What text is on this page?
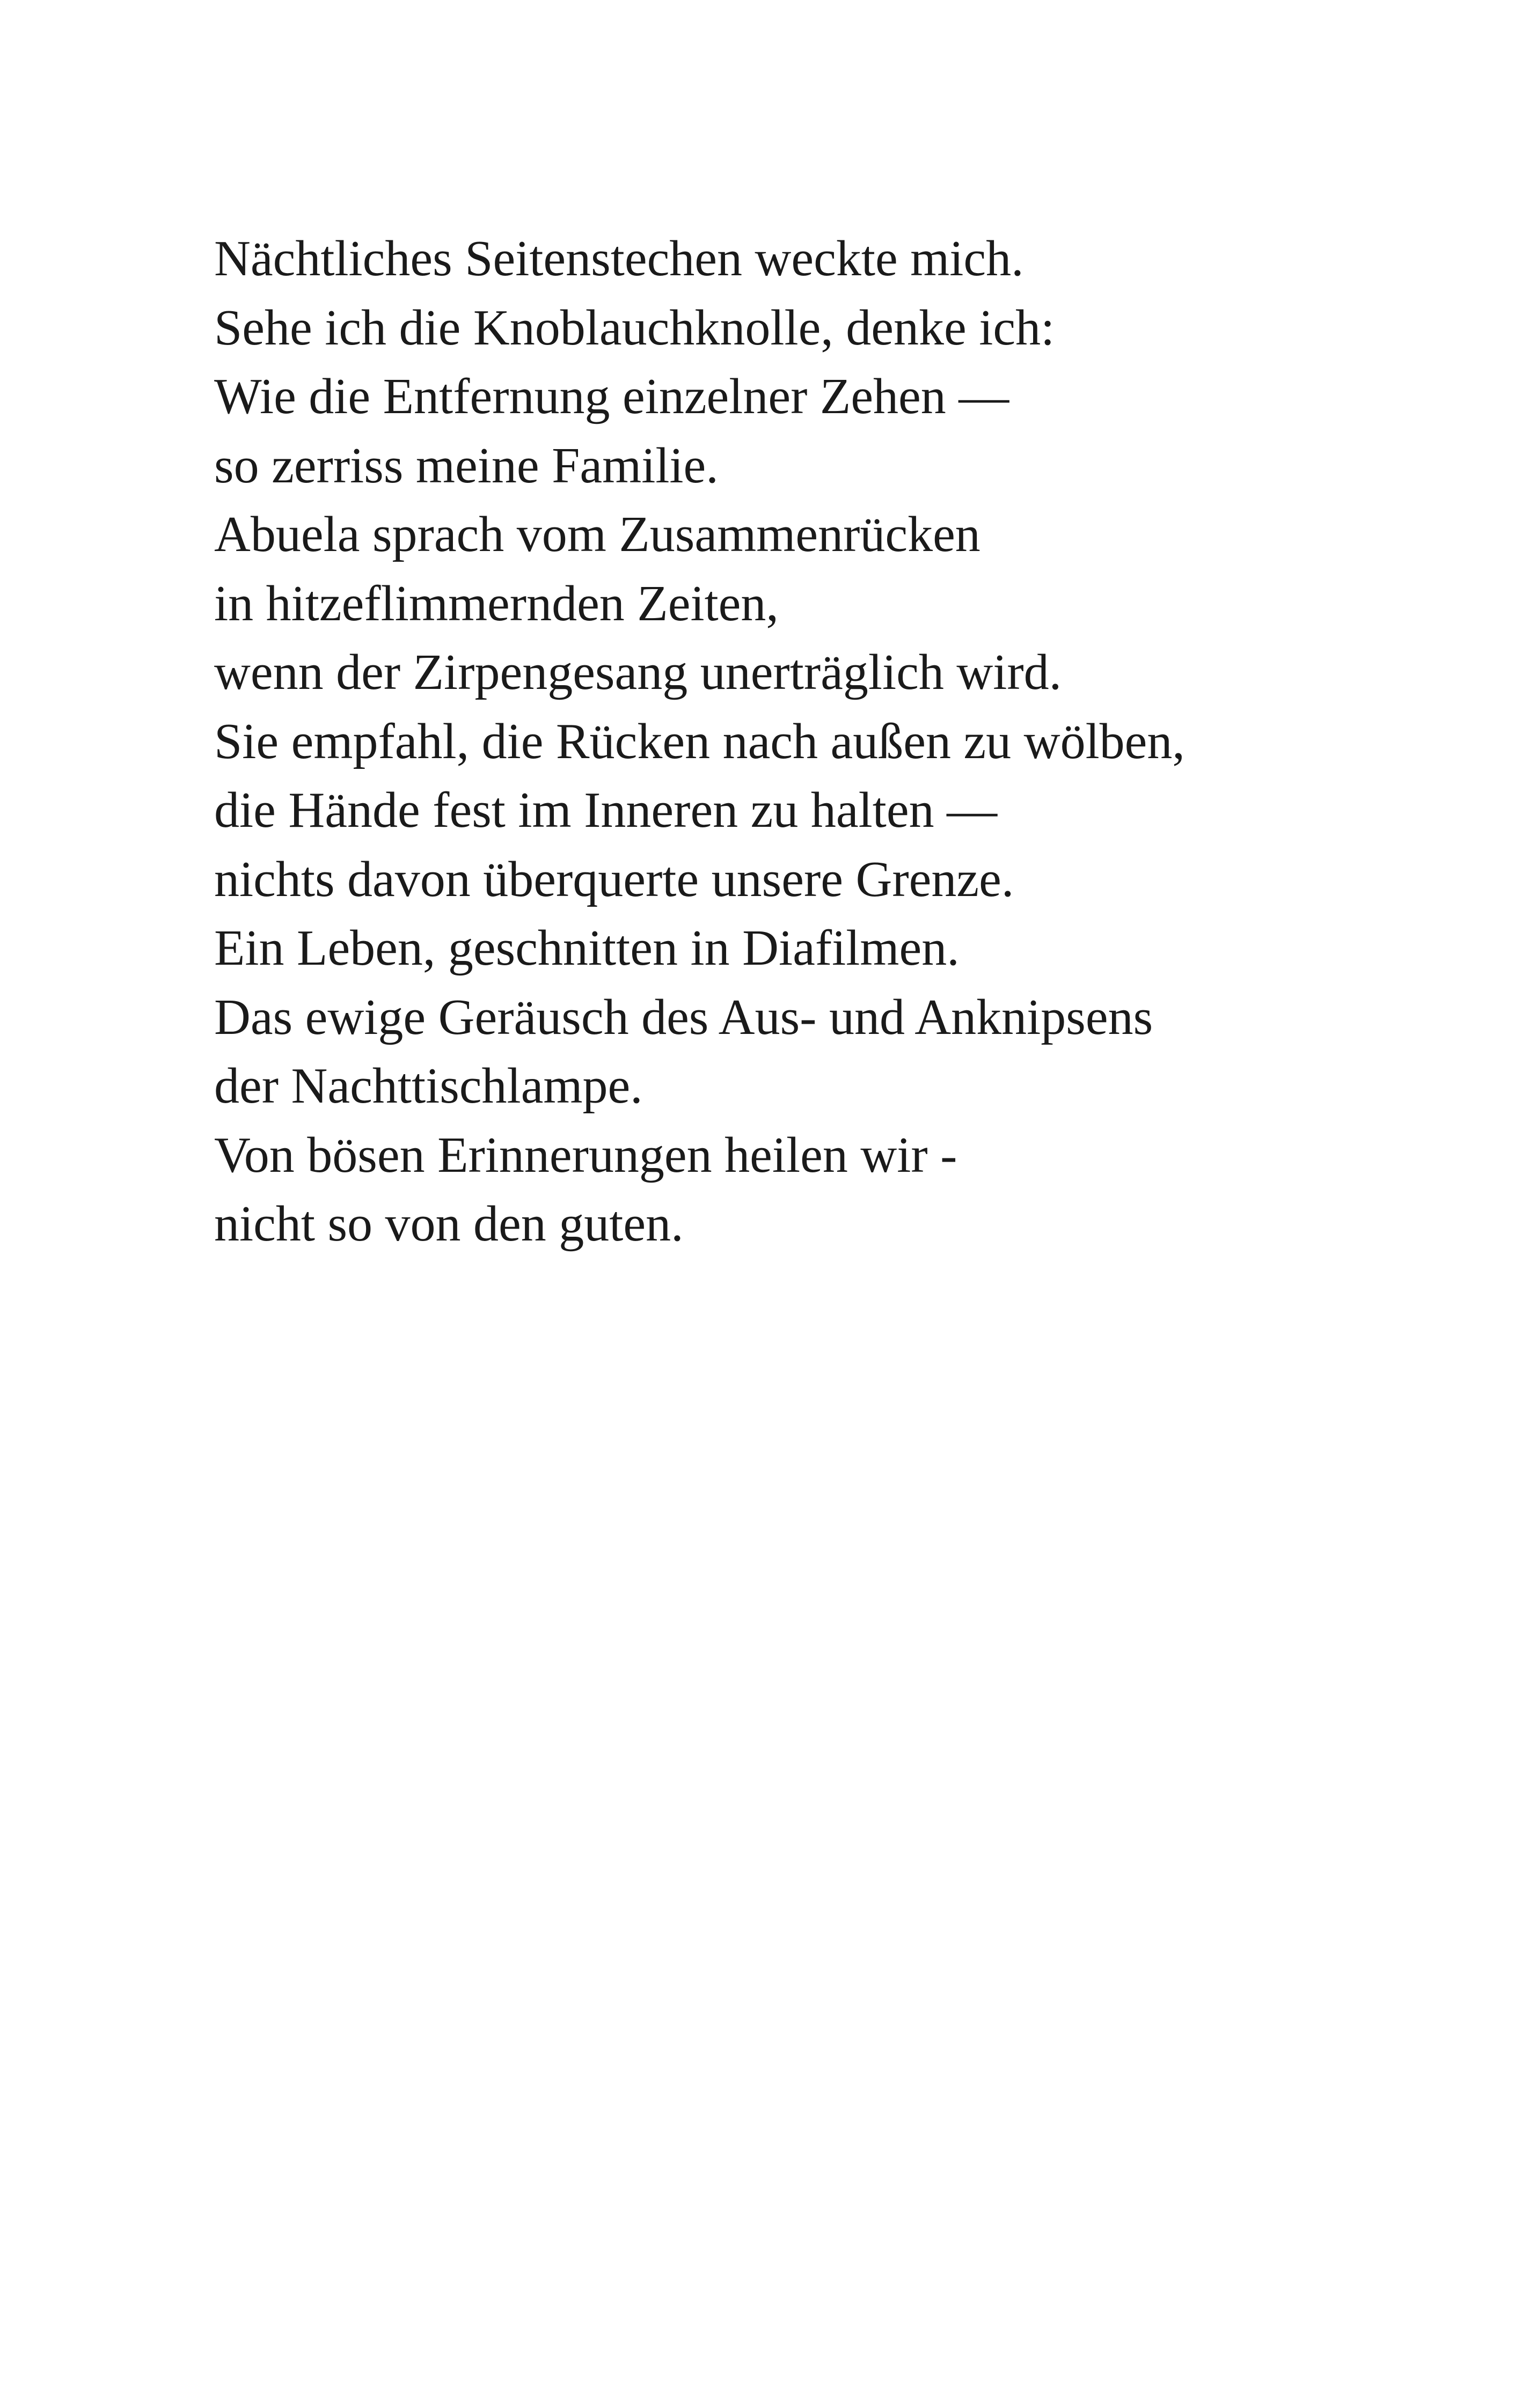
Nächtliches Seitenstechen weckte mich.
Sehe ich die Knoblauchknolle, denke ich:
Wie die Entfernung einzelner Zehen —
so zerriss meine Familie.
Abuela sprach vom Zusammenrücken
in hitzeflimmernden Zeiten,
wenn der Zirpengesang unerträglich wird.
Sie empfahl, die Rücken nach außen zu wölben,
die Hände fest im Inneren zu halten —
nichts davon überquerte unsere Grenze.
Ein Leben, geschnitten in Diafilmen.
Das ewige Geräusch des Aus- und Anknipsens
der Nachttischlampe.
Von bösen Erinnerungen heilen wir -
nicht so von den guten.
